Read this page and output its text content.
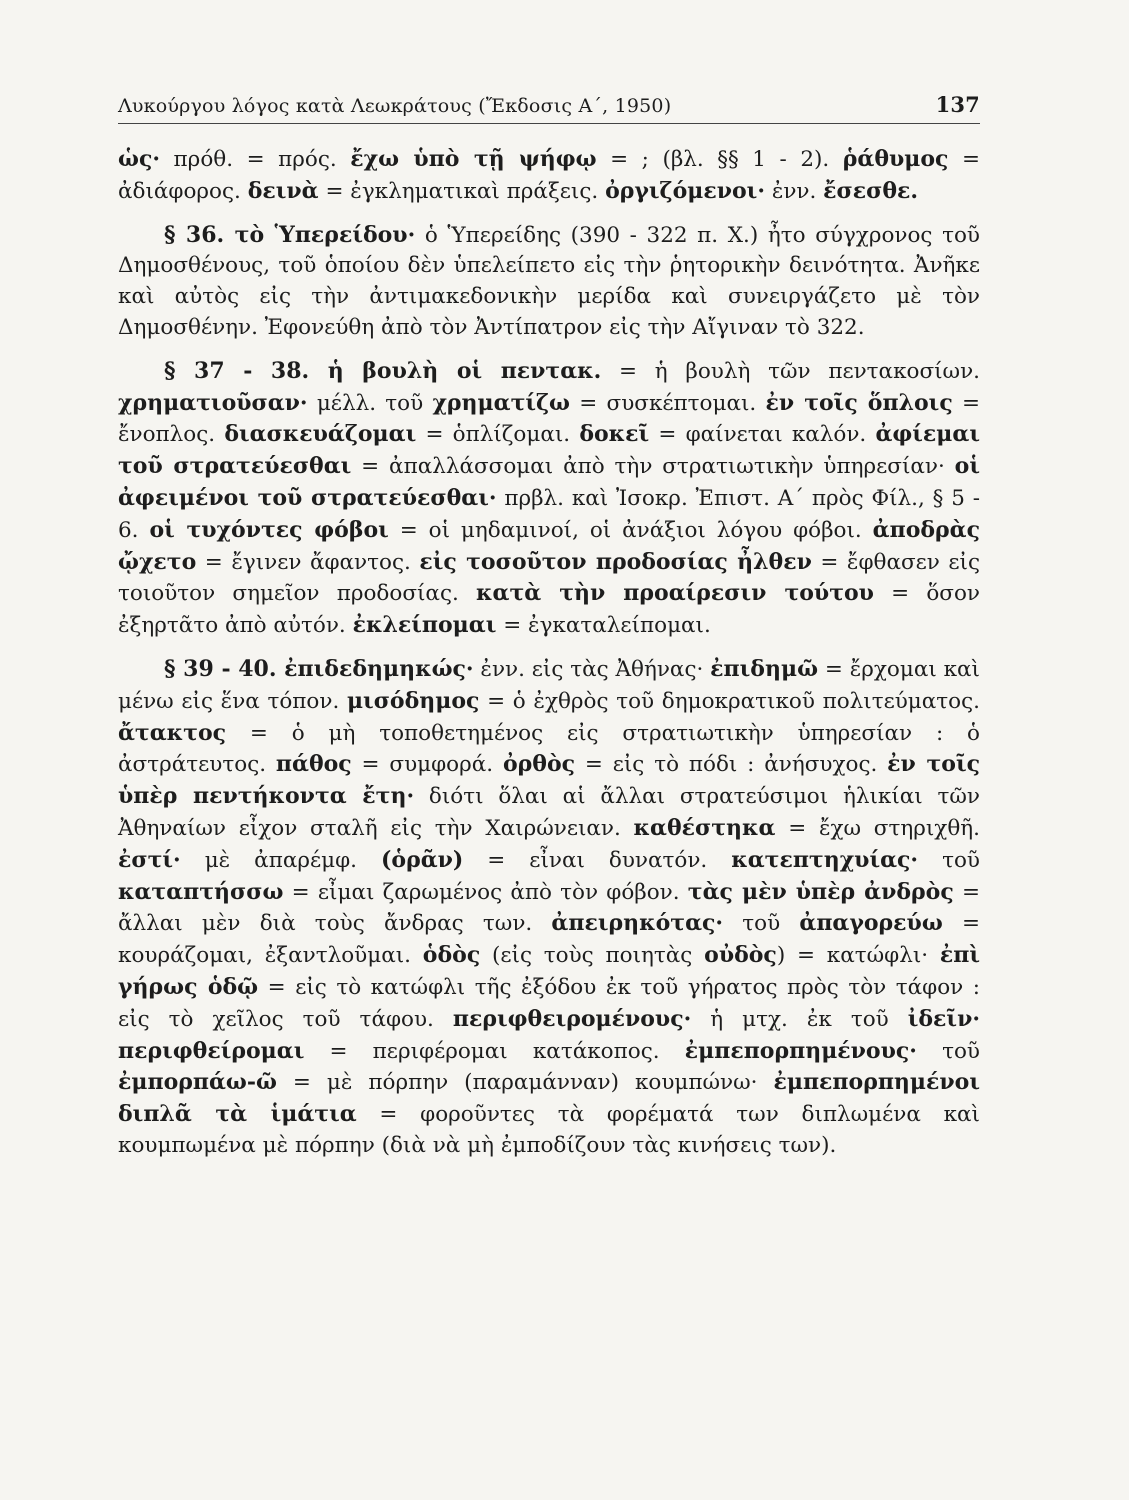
Λυκούργου λόγος κατὰ Λεωκράτους (Ἔκδοσις Α΄, 1950)	137

ὡς· πρόθ. = πρός. ἔχω ὑπὸ τῇ ψήφῳ = ; (βλ. §§ 1 - 2). ῥάθυμος = ἀδιάφορος. δεινὰ = ἐγκληματικαὶ πράξεις. ὀργιζόμενοι· ἐνν. ἔσεσθε.

§ 36. τὸ Ὑπερείδου· ὁ Ὑπερείδης (390 - 322 π. Χ.) ἦτο σύγχρονος τοῦ Δημοσθένους, τοῦ ὁποίου δὲν ὑπελείπετο εἰς τὴν ῥητορικὴν δεινότητα. Ἀνῆκε καὶ αὐτὸς εἰς τὴν ἀντιμακεδονικὴν μερίδα καὶ συνειργάζετο μὲ τὸν Δημοσθένην. Ἐφονεύθη ἀπὸ τὸν Ἀντίπατρον εἰς τὴν Αἴγιναν τὸ 322.

§ 37 - 38. ἡ βουλὴ οἱ πεντακ. = ἡ βουλὴ τῶν πεντακοσίων. χρηματιοῦσαν· μέλλ. τοῦ χρηματίζω = συσκέπτομαι. ἐν τοῖς ὅπλοις = ἔνοπλος. διασκευάζομαι = ὁπλίζομαι. δοκεῖ = φαίνεται καλόν. ἀφίεμαι τοῦ στρατεύεσθαι = ἀπαλλάσσομαι ἀπὸ τὴν στρατιωτικὴν ὑπηρεσίαν· οἱ ἀφειμένοι τοῦ στρατεύεσθαι· πρβλ. καὶ Ἰσοκρ. Ἐπιστ. Α΄ πρὸς Φίλ., § 5 - 6. οἱ τυχόντες φόβοι = οἱ μηδαμινοί, οἱ ἀνάξιοι λόγου φόβοι. ἀποδρὰς ᾤχετο = ἔγινεν ἄφαντος. εἰς τοσοῦτον προδοσίας ἦλθεν = ἔφθασεν εἰς τοιοῦτον σημεῖον προδοσίας. κατὰ τὴν προαίρεσιν τούτου = ὅσον ἐξηρτᾶτο ἀπὸ αὐτόν. ἐκλείπομαι = ἐγκαταλείπομαι.

§ 39 - 40. ἐπιδεδημηκώς· ἐνν. εἰς τὰς Ἀθήνας· ἐπιδημῶ = ἔρχομαι καὶ μένω εἰς ἕνα τόπον. μισόδημος = ὁ ἐχθρὸς τοῦ δημοκρατικοῦ πολιτεύματος. ἄτακτος = ὁ μὴ τοποθετημένος εἰς στρατιωτικὴν ὑπηρεσίαν : ὁ ἀστράτευτος. πάθος = συμφορά. ὀρθὸς = εἰς τὸ πόδι : ἀνήσυχος. ἐν τοῖς ὑπὲρ πεντήκοντα ἔτη· διότι ὅλαι αἱ ἄλλαι στρατεύσιμοι ἡλικίαι τῶν Ἀθηναίων εἶχον σταλῆ εἰς τὴν Χαιρώνειαν. καθέστηκα = ἔχω στηριχθῆ. ἐστί· μὲ ἀπαρέμφ. (ὁρᾶν) = εἶναι δυνατόν. κατεπτηχυίας· τοῦ καταπτήσσω = εἶμαι ζαρωμένος ἀπὸ τὸν φόβον. τὰς μὲν ὑπὲρ ἀνδρὸς = ἄλλαι μὲν διὰ τοὺς ἄνδρας των. ἀπειρηκότας· τοῦ ἀπαγορεύω = κουράζομαι, ἐξαντλοῦμαι. ὁδὸς (εἰς τοὺς ποιητὰς οὐδὸς) = κατώφλι· ἐπὶ γήρως ὁδῷ = εἰς τὸ κατώφλι τῆς ἐξόδου ἐκ τοῦ γήρατος πρὸς τὸν τάφον : εἰς τὸ χεῖλος τοῦ τάφου. περιφθειρομένους· ἡ μτχ. ἐκ τοῦ ἰδεῖν· περιφθείρομαι = περιφέρομαι κατάκοπος. ἐμπεπορπημένους· τοῦ ἐμπορπάω-ῶ = μὲ πόρπην (παραμάνναν) κουμπώνω· ἐμπεπορπημένοι διπλᾶ τὰ ἱμάτια = φοροῦντες τὰ φορέματά των διπλωμένα καὶ κουμπωμένα μὲ πόρπην (διὰ νὰ μὴ ἐμποδίζουν τὰς κινήσεις των).
